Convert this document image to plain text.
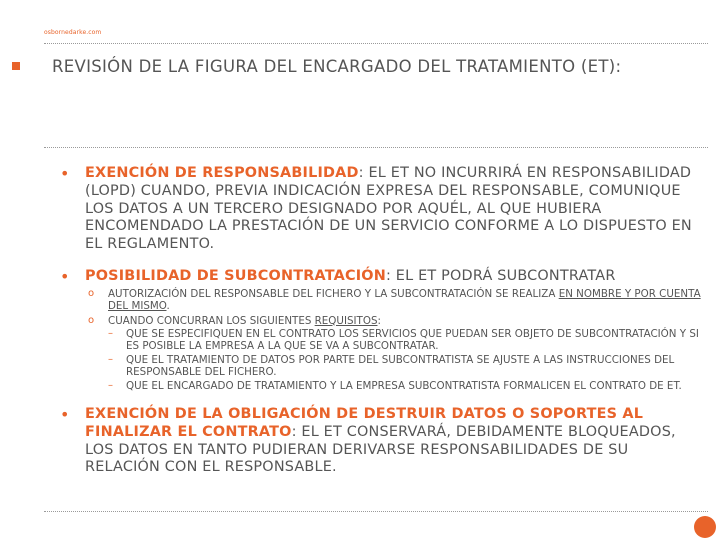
osbornedarke.com
REVISIÓN DE LA FIGURA DEL ENCARGADO DEL TRATAMIENTO (ET):
• EXENCIÓN DE RESPONSABILIDAD: EL ET NO INCURRIRÁ EN RESPONSABILIDAD (LOPD) CUANDO, PREVIA INDICACIÓN EXPRESA DEL RESPONSABLE, COMUNIQUE LOS DATOS A UN TERCERO DESIGNADO POR AQUÉL, AL QUE HUBIERA ENCOMENDADO LA PRESTACIÓN DE UN SERVICIO CONFORME A LO DISPUESTO EN EL REGLAMENTO.
• POSIBILIDAD DE SUBCONTRATACIÓN: EL ET PODRÁ SUBCONTRATAR
o AUTORIZACIÓN DEL RESPONSABLE DEL FICHERO Y LA SUBCONTRATACIÓN SE REALIZA EN NOMBRE Y POR CUENTA DEL MISMO.
o CUANDO CONCURRAN LOS SIGUIENTES REQUISITOS:
– QUE SE ESPECIFIQUEN EN EL CONTRATO LOS SERVICIOS QUE PUEDAN SER OBJETO DE SUBCONTRATACIÓN Y SI ES POSIBLE LA EMPRESA A LA QUE SE VA A SUBCONTRATAR.
– QUE EL TRATAMIENTO DE DATOS POR PARTE DEL SUBCONTRATISTA SE AJUSTE A LAS INSTRUCCIONES DEL RESPONSABLE DEL FICHERO.
– QUE EL ENCARGADO DE TRATAMIENTO Y LA EMPRESA SUBCONTRATISTA FORMALICEN EL CONTRATO DE ET.
• EXENCIÓN DE LA OBLIGACIÓN DE DESTRUIR DATOS O SOPORTES AL FINALIZAR EL CONTRATO: EL ET CONSERVARÁ, DEBIDAMENTE BLOQUEADOS, LOS DATOS EN TANTO PUDIERAN DERIVARSE RESPONSABILIDADES DE SU RELACIÓN CON EL RESPONSABLE.
